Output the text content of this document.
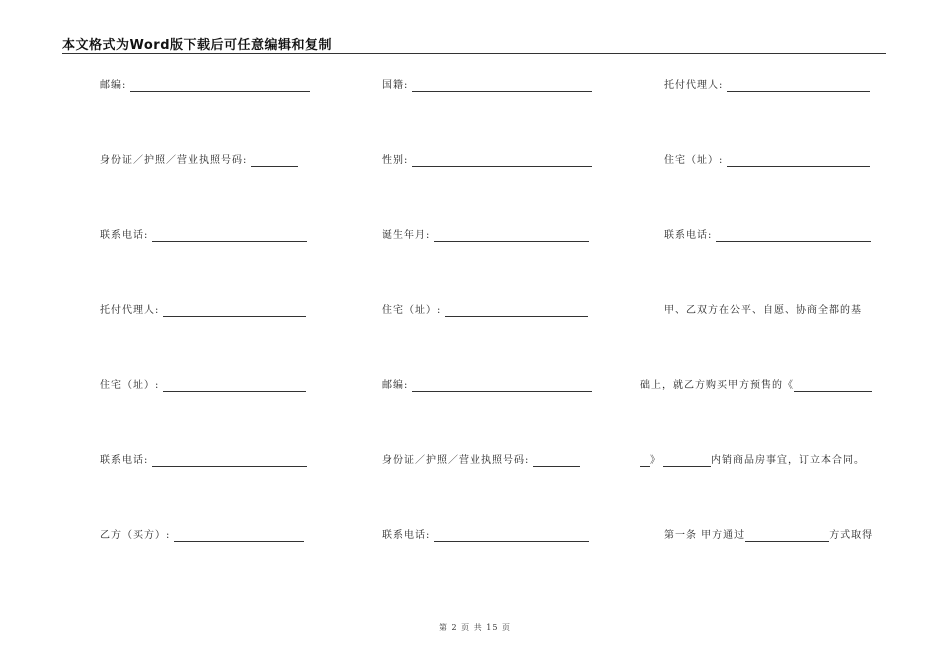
本文格式为Word版下载后可任意编辑和复制
邮编:
身份证／护照／营业执照号码:
联系电话:
托付代理人:
住宅（址）:
联系电话:
乙方（买方）:
国籍:
性别:
诞生年月:
住宅（址）:
邮编:
身份证／护照／营业执照号码:
联系电话:
托付代理人:
住宅（址）:
联系电话:
甲、乙双方在公平、自愿、协商全都的基
础上，就乙方购买甲方预售的《
》	内销商品房事宜，订立本合同。
第一条 甲方通过	方式取得
第 2 页 共 15 页
